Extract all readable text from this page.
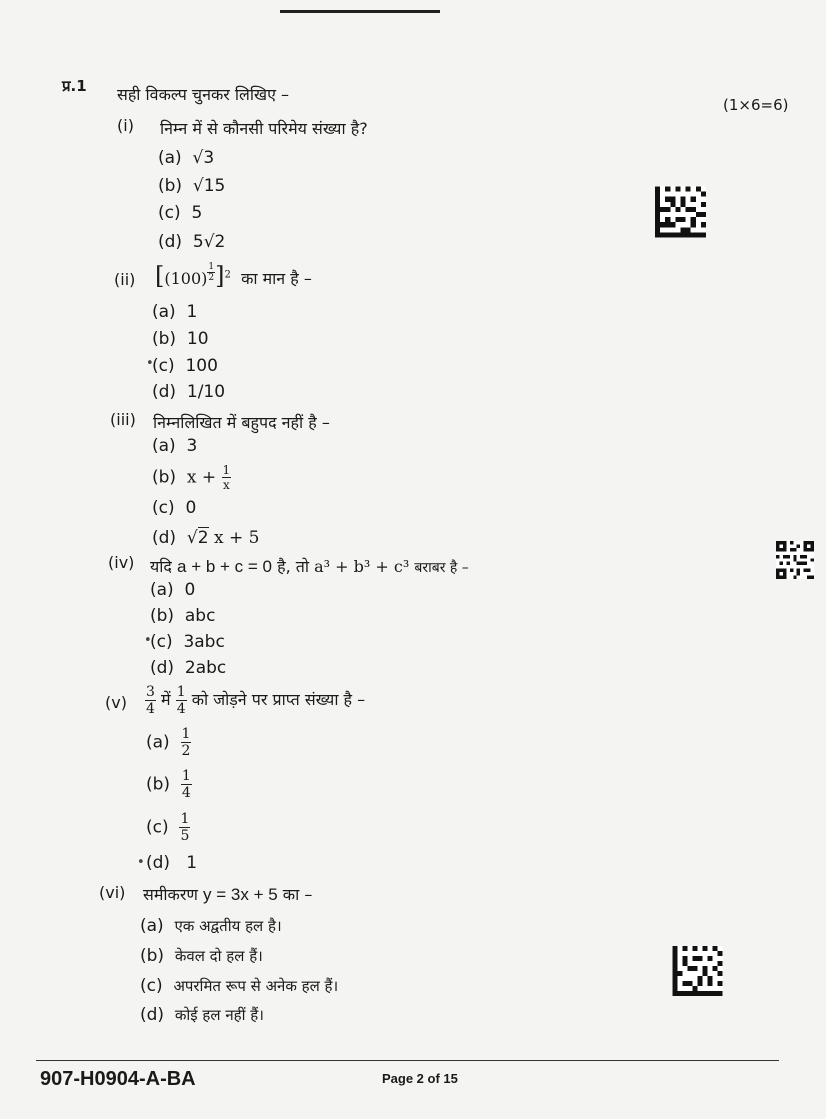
प्र.1 सही विकल्प चुनकर लिखिए –
(1×6=6)
(i) निम्न में से कौनसी परिमेय संख्या है?
(a) √3
(b) √15
(c) 5
(d) 5√2
(ii) $[(100) \frac{1}{2} ]^2$ का मान है –
(a) 1
(b) 10
•
(c) 100
(d) 1/10
(iii) निम्नलिखित में बहुपद नहीं है –
(a) 3
(b) $x + \frac{1}{x}$
(c) 0
(d) √2 x + 5
(iv) यदि a + b + c = 0 है, तो a³ + b³ + c³ बराबर है –
(a) 0
(b) abc
•
(c) 3abc
(d) 2abc
$(v) \frac{3}{4}$ में $\frac{1}{4}$ को जोड़ने पर प्राप्त संख्या है –
$(a) \frac{1}{2}$
$(b) \frac{1}{4}$
$(c) \frac{1}{5}$
• (d) 1
(vi) समीकरण y = 3x + 5 का –
(a) एक अद्वतीय हल है।
(b) केवल दो हल हैं।
(c) अपरमित रूप से अनेक हल हैं।
(d) कोई हल नहीं हैं।
907-H0904-A-BA	Page 2 of 15
